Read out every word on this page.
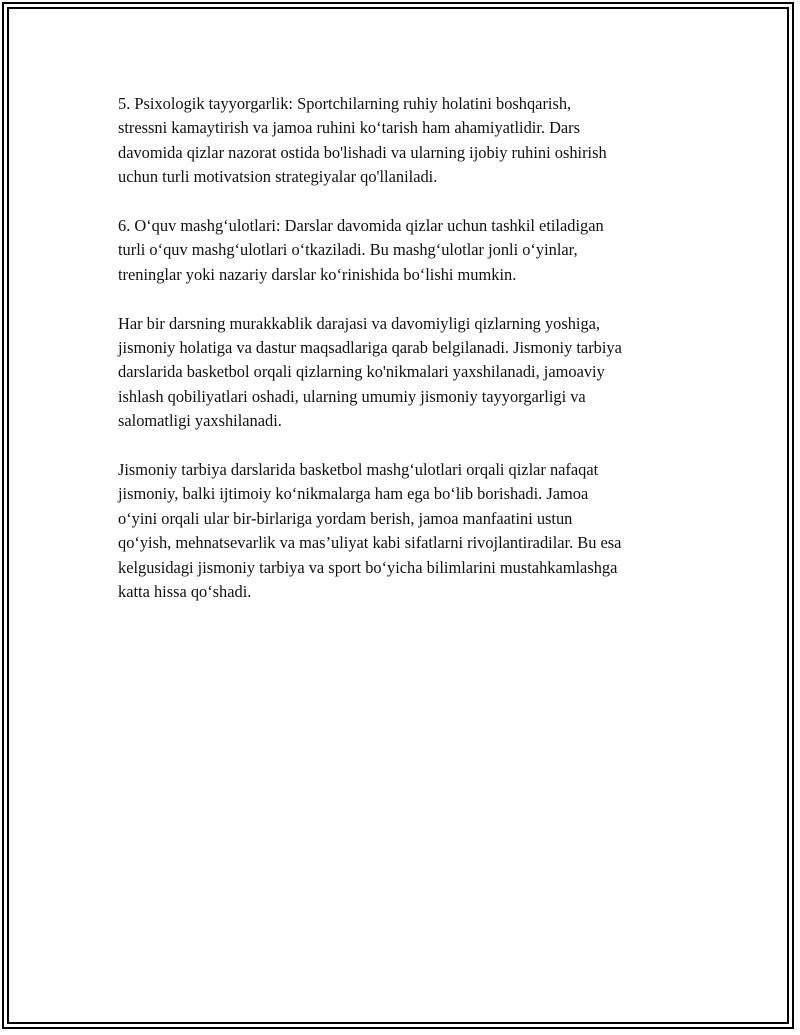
5. Psixologik tayyorgarlik: Sportchilarning ruhiy holatini boshqarish,
stressni kamaytirish va jamoa ruhini ko‘tarish ham ahamiyatlidir. Dars
davomida qizlar nazorat ostida bo'lishadi va ularning ijobiy ruhini oshirish
uchun turli motivatsion strategiyalar qo'llaniladi.

6. O‘quv mashg‘ulotlari: Darslar davomida qizlar uchun tashkil etiladigan
turli o‘quv mashg‘ulotlari o‘tkaziladi. Bu mashg‘ulotlar jonli o‘yinlar,
treninglar yoki nazariy darslar ko‘rinishida bo‘lishi mumkin.

Har bir darsning murakkablik darajasi va davomiyligi qizlarning yoshiga,
jismoniy holatiga va dastur maqsadlariga qarab belgilanadi. Jismoniy tarbiya
darslarida basketbol orqali qizlarning ko'nikmalari yaxshilanadi, jamoaviy
ishlash qobiliyatlari oshadi, ularning umumiy jismoniy tayyorgarligi va
salomatligi yaxshilanadi.

Jismoniy tarbiya darslarida basketbol mashg‘ulotlari orqali qizlar nafaqat
jismoniy, balki ijtimoiy ko‘nikmalarga ham ega bo‘lib borishadi. Jamoa
o‘yini orqali ular bir-birlariga yordam berish, jamoa manfaatini ustun
qo‘yish, mehnatsevarlik va mas’uliyat kabi sifatlarni rivojlantiradilar. Bu esa
kelgusidagi jismoniy tarbiya va sport bo‘yicha bilimlarini mustahkamlashga
katta hissa qo‘shadi.
